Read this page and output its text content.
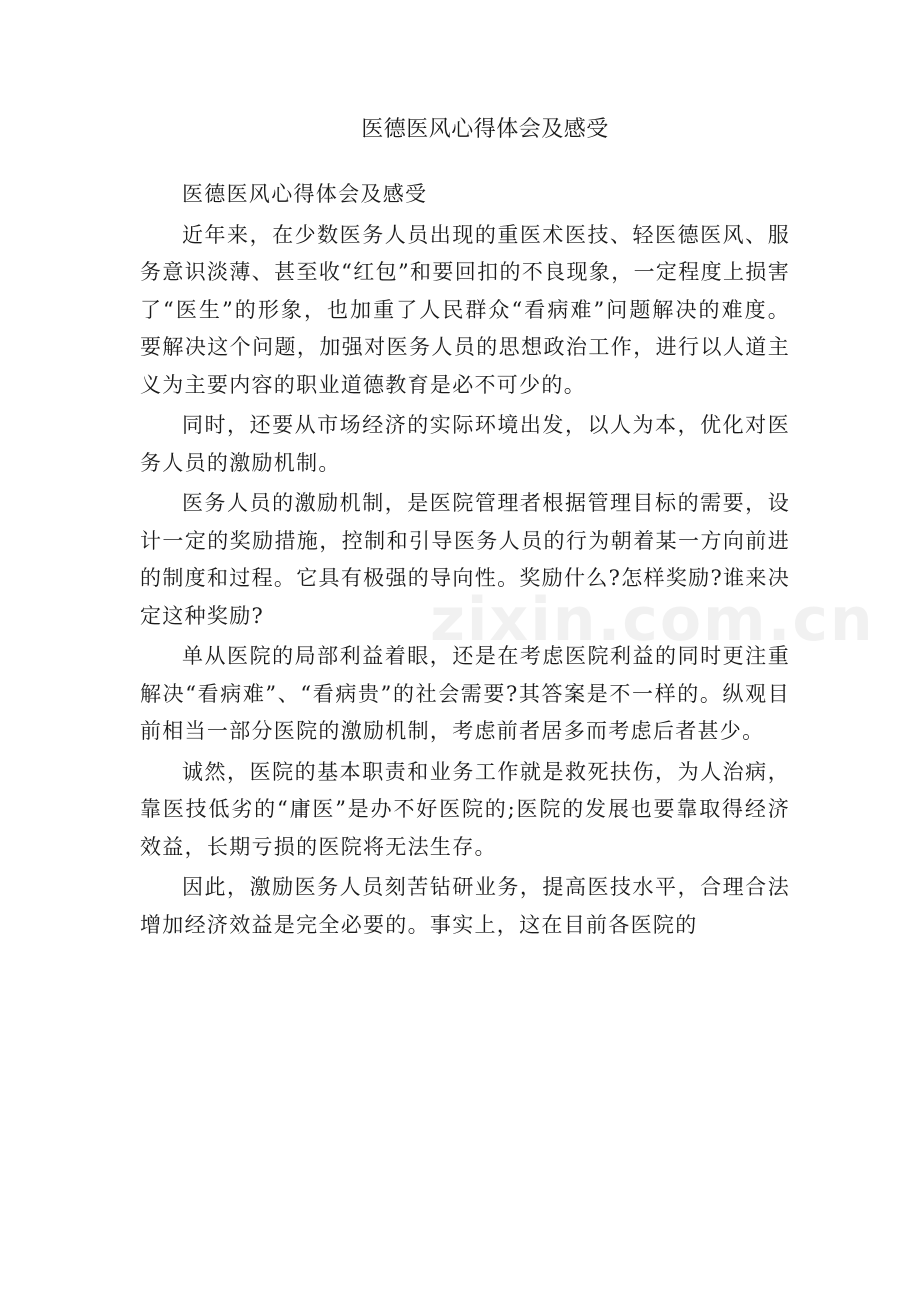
zixin.com.cn
医德医风心得体会及感受

医德医风心得体会及感受

近年来，在少数医务人员出现的重医术医技、轻医德医风、服务意识淡薄、甚至收“红包”和要回扣的不良现象，一定程度上损害了“医生”的形象，也加重了人民群众“看病难”问题解决的难度。要解决这个问题，加强对医务人员的思想政治工作，进行以人道主义为主要内容的职业道德教育是必不可少的。

同时，还要从市场经济的实际环境出发，以人为本，优化对医务人员的激励机制。

医务人员的激励机制，是医院管理者根据管理目标的需要，设计一定的奖励措施，控制和引导医务人员的行为朝着某一方向前进的制度和过程。它具有极强的导向性。奖励什么?怎样奖励?谁来决定这种奖励?

单从医院的局部利益着眼，还是在考虑医院利益的同时更注重解决“看病难”、“看病贵”的社会需要?其答案是不一样的。纵观目前相当一部分医院的激励机制，考虑前者居多而考虑后者甚少。

诚然，医院的基本职责和业务工作就是救死扶伤，为人治病，靠医技低劣的“庸医”是办不好医院的;医院的发展也要靠取得经济效益，长期亏损的医院将无法生存。

因此，激励医务人员刻苦钻研业务，提高医技水平，合理合法增加经济效益是完全必要的。事实上，这在目前各医院的
